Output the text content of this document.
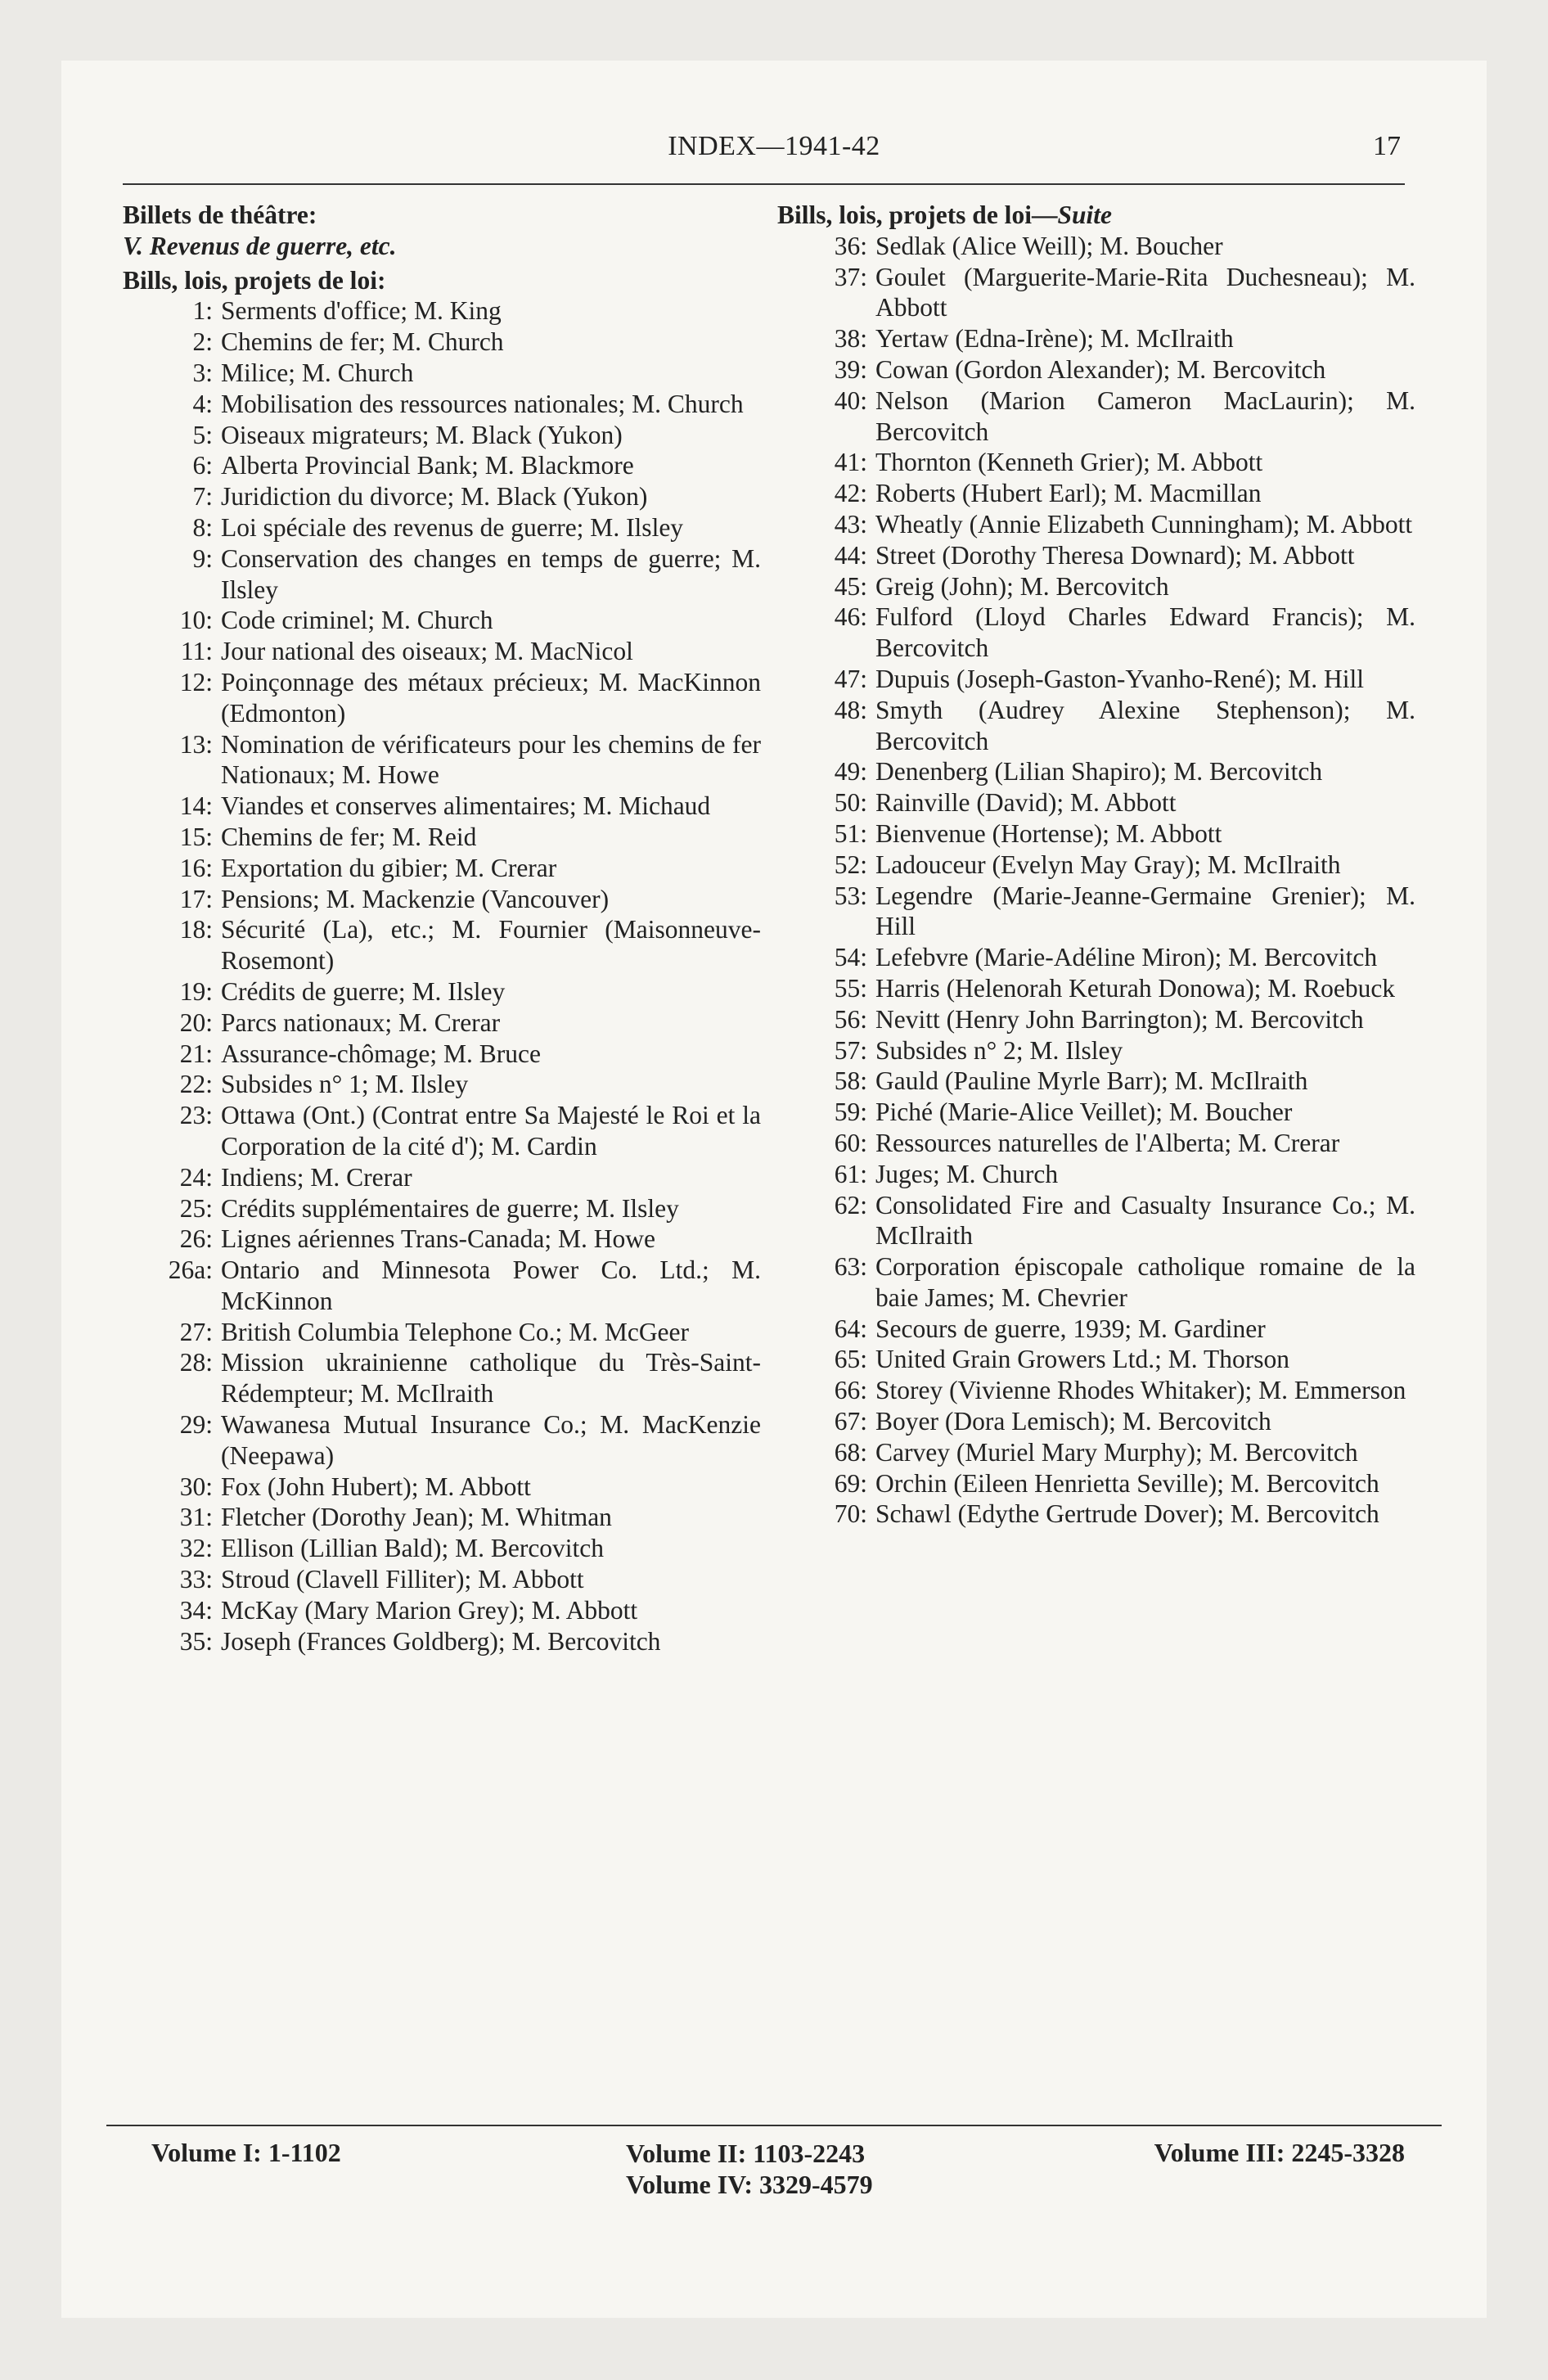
INDEX—1941-42	17
Billets de théâtre:
V. Revenus de guerre, etc.
Bills, lois, projets de loi:
1: Serments d'office; M. King
2: Chemins de fer; M. Church
3: Milice; M. Church
4: Mobilisation des ressources nationales; M. Church
5: Oiseaux migrateurs; M. Black (Yukon)
6: Alberta Provincial Bank; M. Blackmore
7: Juridiction du divorce; M. Black (Yukon)
8: Loi spéciale des revenus de guerre; M. Ilsley
9: Conservation des changes en temps de guerre; M. Ilsley
10: Code criminel; M. Church
11: Jour national des oiseaux; M. MacNicol
12: Poinçonnage des métaux précieux; M. MacKinnon (Edmonton)
13: Nomination de vérificateurs pour les chemins de fer Nationaux; M. Howe
14: Viandes et conserves alimentaires; M. Michaud
15: Chemins de fer; M. Reid
16: Exportation du gibier; M. Crerar
17: Pensions; M. Mackenzie (Vancouver)
18: Sécurité (La), etc.; M. Fournier (Maisonneuve-Rosemont)
19: Crédits de guerre; M. Ilsley
20: Parcs nationaux; M. Crerar
21: Assurance-chômage; M. Bruce
22: Subsides n° 1; M. Ilsley
23: Ottawa (Ont.) (Contrat entre Sa Majesté le Roi et la Corporation de la cité d'); M. Cardin
24: Indiens; M. Crerar
25: Crédits supplémentaires de guerre; M. Ilsley
26: Lignes aériennes Trans-Canada; M. Howe
26a: Ontario and Minnesota Power Co. Ltd.; M. McKinnon
27: British Columbia Telephone Co.; M. McGeer
28: Mission ukrainienne catholique du Très-Saint-Rédempteur; M. McIlraith
29: Wawanesa Mutual Insurance Co.; M. MacKenzie (Neepawa)
30: Fox (John Hubert); M. Abbott
31: Fletcher (Dorothy Jean); M. Whitman
32: Ellison (Lillian Bald); M. Bercovitch
33: Stroud (Clavell Filliter); M. Abbott
34: McKay (Mary Marion Grey); M. Abbott
35: Joseph (Frances Goldberg); M. Bercovitch
Bills, lois, projets de loi—Suite
36: Sedlak (Alice Weill); M. Boucher
37: Goulet (Marguerite-Marie-Rita Duchesneau); M. Abbott
38: Yertaw (Edna-Irène); M. McIlraith
39: Cowan (Gordon Alexander); M. Bercovitch
40: Nelson (Marion Cameron MacLaurin); M. Bercovitch
41: Thornton (Kenneth Grier); M. Abbott
42: Roberts (Hubert Earl); M. Macmillan
43: Wheatly (Annie Elizabeth Cunningham); M. Abbott
44: Street (Dorothy Theresa Downard); M. Abbott
45: Greig (John); M. Bercovitch
46: Fulford (Lloyd Charles Edward Francis); M. Bercovitch
47: Dupuis (Joseph-Gaston-Yvanho-René); M. Hill
48: Smyth (Audrey Alexine Stephenson); M. Bercovitch
49: Denenberg (Lilian Shapiro); M. Bercovitch
50: Rainville (David); M. Abbott
51: Bienvenue (Hortense); M. Abbott
52: Ladouceur (Evelyn May Gray); M. McIlraith
53: Legendre (Marie-Jeanne-Germaine Grenier); M. Hill
54: Lefebvre (Marie-Adéline Miron); M. Bercovitch
55: Harris (Helenorah Keturah Donowa); M. Roebuck
56: Nevitt (Henry John Barrington); M. Bercovitch
57: Subsides n° 2; M. Ilsley
58: Gauld (Pauline Myrle Barr); M. McIlraith
59: Piché (Marie-Alice Veillet); M. Boucher
60: Ressources naturelles de l'Alberta; M. Crerar
61: Juges; M. Church
62: Consolidated Fire and Casualty Insurance Co.; M. McIlraith
63: Corporation épiscopale catholique romaine de la baie James; M. Chevrier
64: Secours de guerre, 1939; M. Gardiner
65: United Grain Growers Ltd.; M. Thorson
66: Storey (Vivienne Rhodes Whitaker); M. Emmerson
67: Boyer (Dora Lemisch); M. Bercovitch
68: Carvey (Muriel Mary Murphy); M. Bercovitch
69: Orchin (Eileen Henrietta Seville); M. Bercovitch
70: Schawl (Edythe Gertrude Dover); M. Bercovitch
Volume I: 1-1102	Volume II: 1103-2243
Volume IV: 3329-4579
Volume III: 2245-3328
